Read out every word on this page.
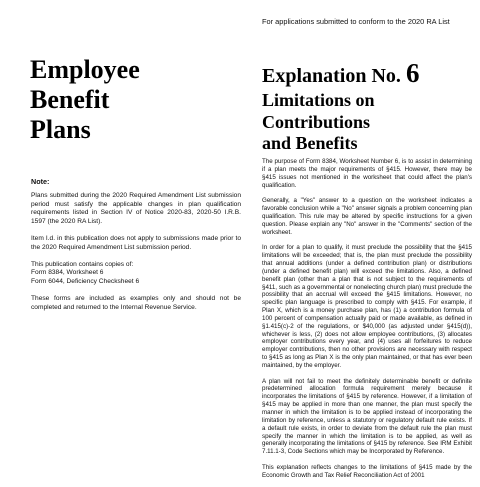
For applications submitted to conform to the 2020 RA List
Employee
Benefit
Plans
Note:

Plans submitted during the 2020 Required Amendment List submission period must satisfy the applicable changes in plan qualification requirements listed in Section IV of Notice 2020-83, 2020-50 I.R.B. 1597 (the 2020 RA List).

Item I.d. in this publication does not apply to submissions made prior to the 2020 Required Amendment List submission period.

This publication contains copies of:
Form 8384, Worksheet 6
Form 6044, Deficiency Checksheet 6

These forms are included as examples only and should not be completed and returned to the Internal Revenue Service.

Explanation No. 6
Limitations on
Contributions
and Benefits

The purpose of Form 8384, Worksheet Number 6, is to assist in determining if a plan meets the major requirements of §415. However, there may be §415 issues not mentioned in the worksheet that could affect the plan's qualification.

Generally, a "Yes" answer to a question on the worksheet indicates a favorable conclusion while a "No" answer signals a problem concerning plan qualification. This rule may be altered by specific instructions for a given question. Please explain any "No" answer in the "Comments" section of the worksheet.

In order for a plan to qualify, it must preclude the possibility that the §415 limitations will be exceeded; that is, the plan must preclude the possibility that annual additions (under a defined contribution plan) or distributions (under a defined benefit plan) will exceed the limitations. Also, a defined benefit plan (other than a plan that is not subject to the requirements of §411, such as a governmental or nonelecting church plan) must preclude the possibility that an accrual will exceed the §415 limitations. However, no specific plan language is prescribed to comply with §415. For example, if Plan X, which is a money purchase plan, has (1) a contribution formula of 100 percent of compensation actually paid or made available, as defined in §1.415(c)-2 of the regulations, or $40,000 (as adjusted under §415(d)), whichever is less, (2) does not allow employee contributions, (3) allocates employer contributions every year, and (4) uses all forfeitures to reduce employer contributions, then no other provisions are necessary with respect to §415 as long as Plan X is the only plan maintained, or that has ever been maintained, by the employer.

A plan will not fail to meet the definitely determinable benefit or definite predetermined allocation formula requirement merely because it incorporates the limitations of §415 by reference. However, if a limitation of §415 may be applied in more than one manner, the plan must specify the manner in which the limitation is to be applied instead of incorporating the limitation by reference, unless a statutory or regulatory default rule exists. If a default rule exists, in order to deviate from the default rule the plan must specify the manner in which the limitation is to be applied, as well as generally incorporating the limitations of §415 by reference. See IRM Exhibit 7.11.1-3, Code Sections which may be Incorporated by Reference.

This explanation reflects changes to the limitations of §415 made by the Economic Growth and Tax Relief Reconciliation Act of 2001
